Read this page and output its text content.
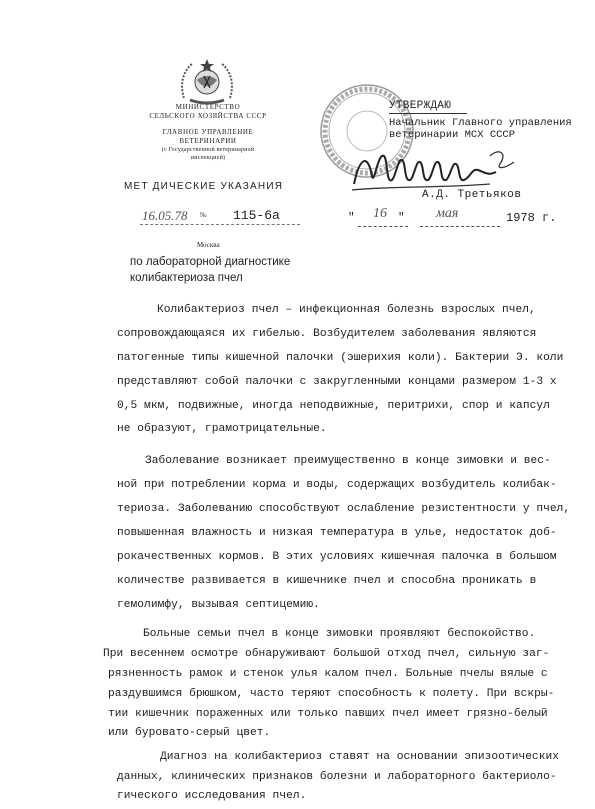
МИНИСТЕРСТВО
СЕЛЬСКОГО ХОЗЯЙСТВА СССР
ГЛАВНОЕ УПРАВЛЕНИЕ
ВЕТЕРИНАРИИ
(с Государственной ветеринарной
инспекцией)
МЕТ ДИЧЕСКИЕ УКАЗАНИЯ
16.05.78 № 115-6а
Москва
по лабораторной диагностике
колибактериоза пчел
УТВЕРЖДАЮ
Начальник Главного управления
ветеринарии МСХ СССР
А.Д. Третьяков
" 16 " мая	1978 г.
Колибактериоз пчел – инфекционная болезнь взрослых пчел,
сопровождающаяся их гибелью. Возбудителем заболевания являются
патогенные типы кишечной палочки (эшерихия коли). Бактерии Э. коли
представляют собой палочки с закругленными концами размером 1-3 х
0,5 мкм, подвижные, иногда неподвижные, перитрихи, спор и капсул
не образуют, грамотрицательные.
Заболевание возникает преимущественно в конце зимовки и вес-
ной при потреблении корма и воды, содержащих возбудитель колибак-
териоза. Заболеванию способствуют ослабление резистентности у пчел,
повышенная влажность и низкая температура в улье, недостаток доб-
рокачественных кормов. В этих условиях кишечная палочка в большом
количестве развивается в кишечнике пчел и способна проникать в
гемолимфу, вызывая септицемию.
Больные семьи пчел в конце зимовки проявляют беспокойство.
При весеннем осмотре обнаруживают большой отход пчел, сильную заг-
рязненность рамок и стенок улья калом пчел. Больные пчелы вялые с
раздувшимся брюшком, часто теряют способность к полету. При вскры-
тии кишечник пораженных или только павших пчел имеет грязно-белый
или буровато-серый цвет.
Диагноз на колибактериоз ставят на основании эпизоотических
данных, клинических признаков болезни и лабораторного бактериоло-
гического исследования пчел.
